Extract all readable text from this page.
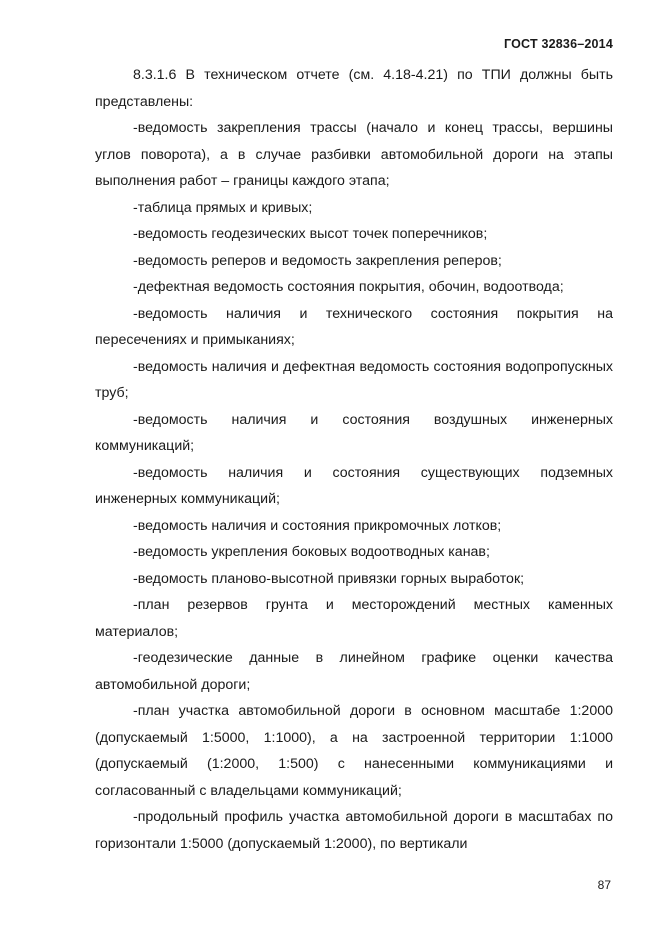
ГОСТ 32836–2014

8.3.1.6 В техническом отчете (см. 4.18-4.21) по ТПИ должны быть представлены:

-ведомость закрепления трассы (начало и конец трассы, вершины углов поворота), а в случае разбивки автомобильной дороги на этапы выполнения работ – границы каждого этапа;

-таблица прямых и кривых;

-ведомость геодезических высот точек поперечников;

-ведомость реперов и ведомость закрепления реперов;

-дефектная ведомость состояния покрытия, обочин, водоотвода;

-ведомость наличия и технического состояния покрытия на пересечениях и примыканиях;

-ведомость наличия и дефектная ведомость состояния водопропускных труб;

-ведомость наличия и состояния воздушных инженерных коммуникаций;

-ведомость наличия и состояния существующих подземных инженерных коммуникаций;

-ведомость наличия и состояния прикромочных лотков;

-ведомость укрепления боковых водоотводных канав;

-ведомость планово-высотной привязки горных выработок;

-план резервов грунта и месторождений местных каменных материалов;

-геодезические данные в линейном графике оценки качества автомобильной дороги;

-план участка автомобильной дороги в основном масштабе 1:2000 (допускаемый 1:5000, 1:1000), а на застроенной территории 1:1000 (допускаемый (1:2000, 1:500) с нанесенными коммуникациями и согласованный с владельцами коммуникаций;

-продольный профиль участка автомобильной дороги в масштабах по горизонтали 1:5000 (допускаемый 1:2000), по вертикали

87
